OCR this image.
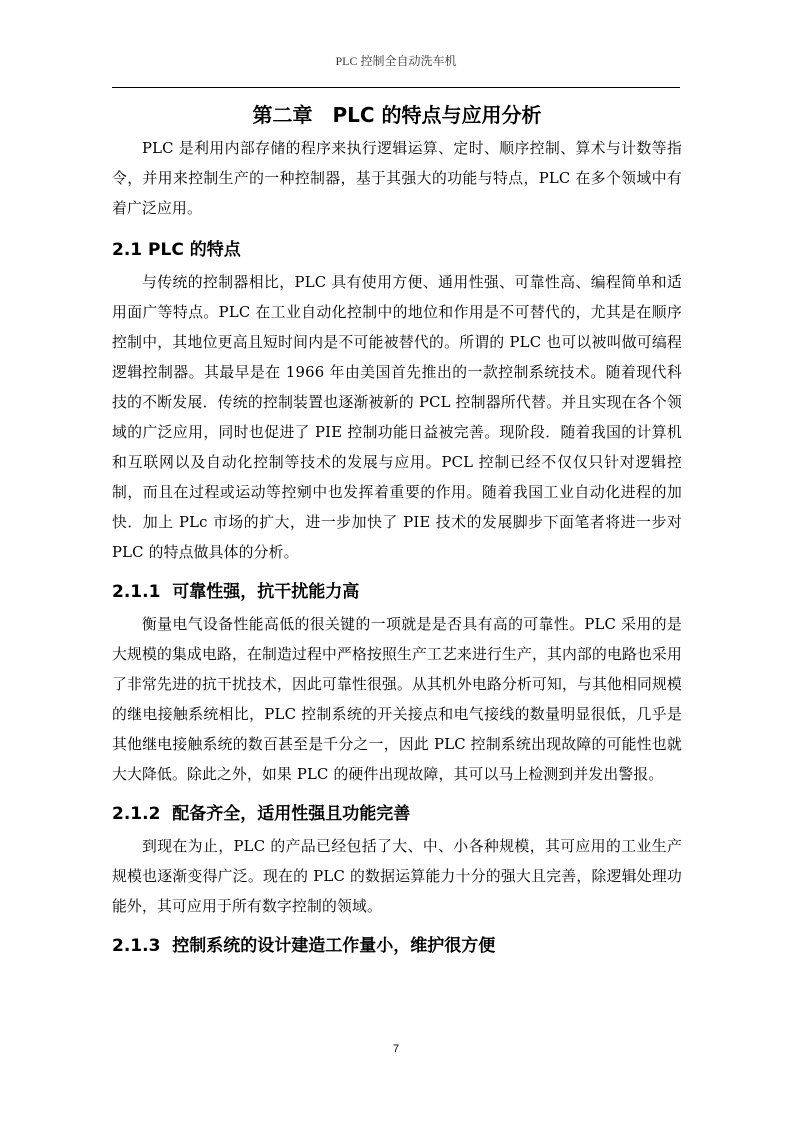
PLC 控制全自动洗车机
第二章　PLC 的特点与应用分析

PLC 是利用内部存储的程序来执行逻辑运算、定时、顺序控制、算术与计数等指令，并用来控制生产的一种控制器，基于其强大的功能与特点，PLC 在多个领域中有着广泛应用。

2.1 PLC 的特点

与传统的控制器相比，PLC 具有使用方便、通用性强、可靠性高、编程简单和适用面广等特点。PLC 在工业自动化控制中的地位和作用是不可替代的，尤其是在顺序控制中，其地位更高且短时间内是不可能被替代的。所谓的 PLC 也可以被叫做可缟程逻辑控制器。其最早是在 1966 年由美国首先推出的一款控制系统技术。随着现代科技的不断发展．传统的控制装置也逐渐被新的 PCL 控制器所代替。并且实现在各个领域的广泛应用，同时也促进了 PIE 控制功能日益被完善。现阶段．随着我国的计算机和互联网以及自动化控制等技术的发展与应用。PCL 控制已经不仅仅只针对逻辑控制，而且在过程或运动等控剜中也发挥着重要的作用。随着我国工业自动化进程的加快．加上 PLc 市场的扩大，进一步加快了 PIE 技术的发展脚步下面笔者将进一步对 PLC 的特点做具体的分析。

2.1.1  可靠性强，抗干扰能力高

衡量电气设备性能高低的很关键的一项就是是否具有高的可靠性。PLC 采用的是大规模的集成电路，在制造过程中严格按照生产工艺来进行生产，其内部的电路也采用了非常先进的抗干扰技术，因此可靠性很强。从其机外电路分析可知，与其他相同规模的继电接触系统相比，PLC 控制系统的开关接点和电气接线的数量明显很低，几乎是其他继电接触系统的数百甚至是千分之一，因此 PLC 控制系统出现故障的可能性也就大大降低。除此之外，如果 PLC 的硬件出现故障，其可以马上检测到并发出警报。

2.1.2  配备齐全，适用性强且功能完善

到现在为止，PLC 的产品已经包括了大、中、小各种规模，其可应用的工业生产规模也逐渐变得广泛。现在的 PLC 的数据运算能力十分的强大且完善，除逻辑处理功能外，其可应用于所有数字控制的领域。

2.1.3  控制系统的设计建造工作量小，维护很方便
7
